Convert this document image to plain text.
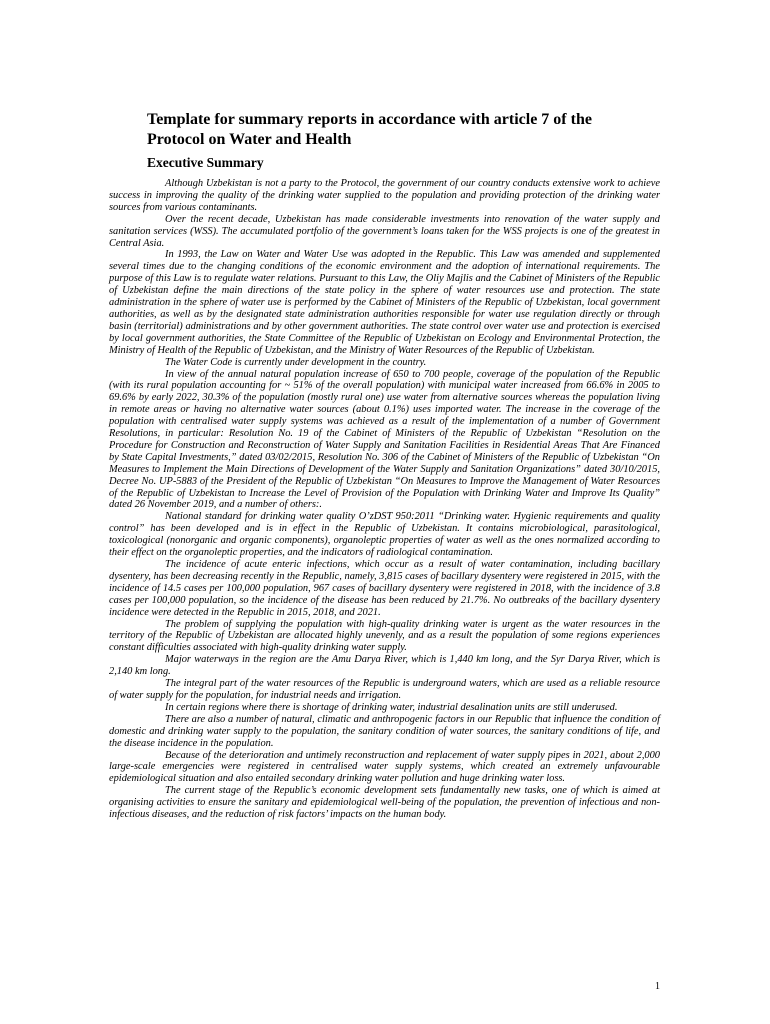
Template for summary reports in accordance with article 7 of the Protocol on Water and Health
Executive Summary

Although Uzbekistan is not a party to the Protocol, the government of our country conducts extensive work to achieve success in improving the quality of the drinking water supplied to the population and providing protection of the drinking water sources from various contaminants.

Over the recent decade, Uzbekistan has made considerable investments into renovation of the water supply and sanitation services (WSS). The accumulated portfolio of the government’s loans taken for the WSS projects is one of the greatest in Central Asia.

In 1993, the Law on Water and Water Use was adopted in the Republic. This Law was amended and supplemented several times due to the changing conditions of the economic environment and the adoption of international requirements. The purpose of this Law is to regulate water relations. Pursuant to this Law, the Oliy Majlis and the Cabinet of Ministers of the Republic of Uzbekistan define the main directions of the state policy in the sphere of water resources use and protection. The state administration in the sphere of water use is performed by the Cabinet of Ministers of the Republic of Uzbekistan, local government authorities, as well as by the designated state administration authorities responsible for water use regulation directly or through basin (territorial) administrations and by other government authorities. The state control over water use and protection is exercised by local government authorities, the State Committee of the Republic of Uzbekistan on Ecology and Environmental Protection, the Ministry of Health of the Republic of Uzbekistan, and the Ministry of Water Resources of the Republic of Uzbekistan.

The Water Code is currently under development in the country.

In view of the annual natural population increase of 650 to 700 people, coverage of the population of the Republic (with its rural population accounting for ~ 51% of the overall population) with municipal water increased from 66.6% in 2005 to 69.6% by early 2022, 30.3% of the population (mostly rural one) use water from alternative sources whereas the population living in remote areas or having no alternative water sources (about 0.1%) uses imported water. The increase in the coverage of the population with centralised water supply systems was achieved as a result of the implementation of a number of Government Resolutions, in particular: Resolution No. 19 of the Cabinet of Ministers of the Republic of Uzbekistan “Resolution on the Procedure for Construction and Reconstruction of Water Supply and Sanitation Facilities in Residential Areas That Are Financed by State Capital Investments,” dated 03/02/2015, Resolution No. 306 of the Cabinet of Ministers of the Republic of Uzbekistan “On Measures to Implement the Main Directions of Development of the Water Supply and Sanitation Organizations” dated 30/10/2015, Decree No. UP-5883 of the President of the Republic of Uzbekistan “On Measures to Improve the Management of Water Resources of the Republic of Uzbekistan to Increase the Level of Provision of the Population with Drinking Water and Improve Its Quality” dated 26 November 2019, and a number of others:.

National standard for drinking water quality O’zDST 950:2011 “Drinking water. Hygienic requirements and quality control” has been developed and is in effect in the Republic of Uzbekistan. It contains microbiological, parasitological, toxicological (nonorganic and organic components), organoleptic properties of water as well as the ones normalized according to their effect on the organoleptic properties, and the indicators of radiological contamination.

The incidence of acute enteric infections, which occur as a result of water contamination, including bacillary dysentery, has been decreasing recently in the Republic, namely, 3,815 cases of bacillary dysentery were registered in 2015, with the incidence of 14.5 cases per 100,000 population, 967 cases of bacillary dysentery were registered in 2018, with the incidence of 3.8 cases per 100,000 population, so the incidence of the disease has been reduced by 21.7%. No outbreaks of the bacillary dysentery incidence were detected in the Republic in 2015, 2018, and 2021.

The problem of supplying the population with high-quality drinking water is urgent as the water resources in the territory of the Republic of Uzbekistan are allocated highly unevenly, and as a result the population of some regions experiences constant difficulties associated with high-quality drinking water supply.

Major waterways in the region are the Amu Darya River, which is 1,440 km long, and the Syr Darya River, which is 2,140 km long.

The integral part of the water resources of the Republic is underground waters, which are used as a reliable resource of water supply for the population, for industrial needs and irrigation.

In certain regions where there is shortage of drinking water, industrial desalination units are still underused.

There are also a number of natural, climatic and anthropogenic factors in our Republic that influence the condition of domestic and drinking water supply to the population, the sanitary condition of water sources, the sanitary conditions of life, and the disease incidence in the population.

Because of the deterioration and untimely reconstruction and replacement of water supply pipes in 2021, about 2,000 large-scale emergencies were registered in centralised water supply systems, which created an extremely unfavourable epidemiological situation and also entailed secondary drinking water pollution and huge drinking water loss.

The current stage of the Republic’s economic development sets fundamentally new tasks, one of which is aimed at organising activities to ensure the sanitary and epidemiological well-being of the population, the prevention of infectious and non-infectious diseases, and the reduction of risk factors’ impacts on the human body.

1
